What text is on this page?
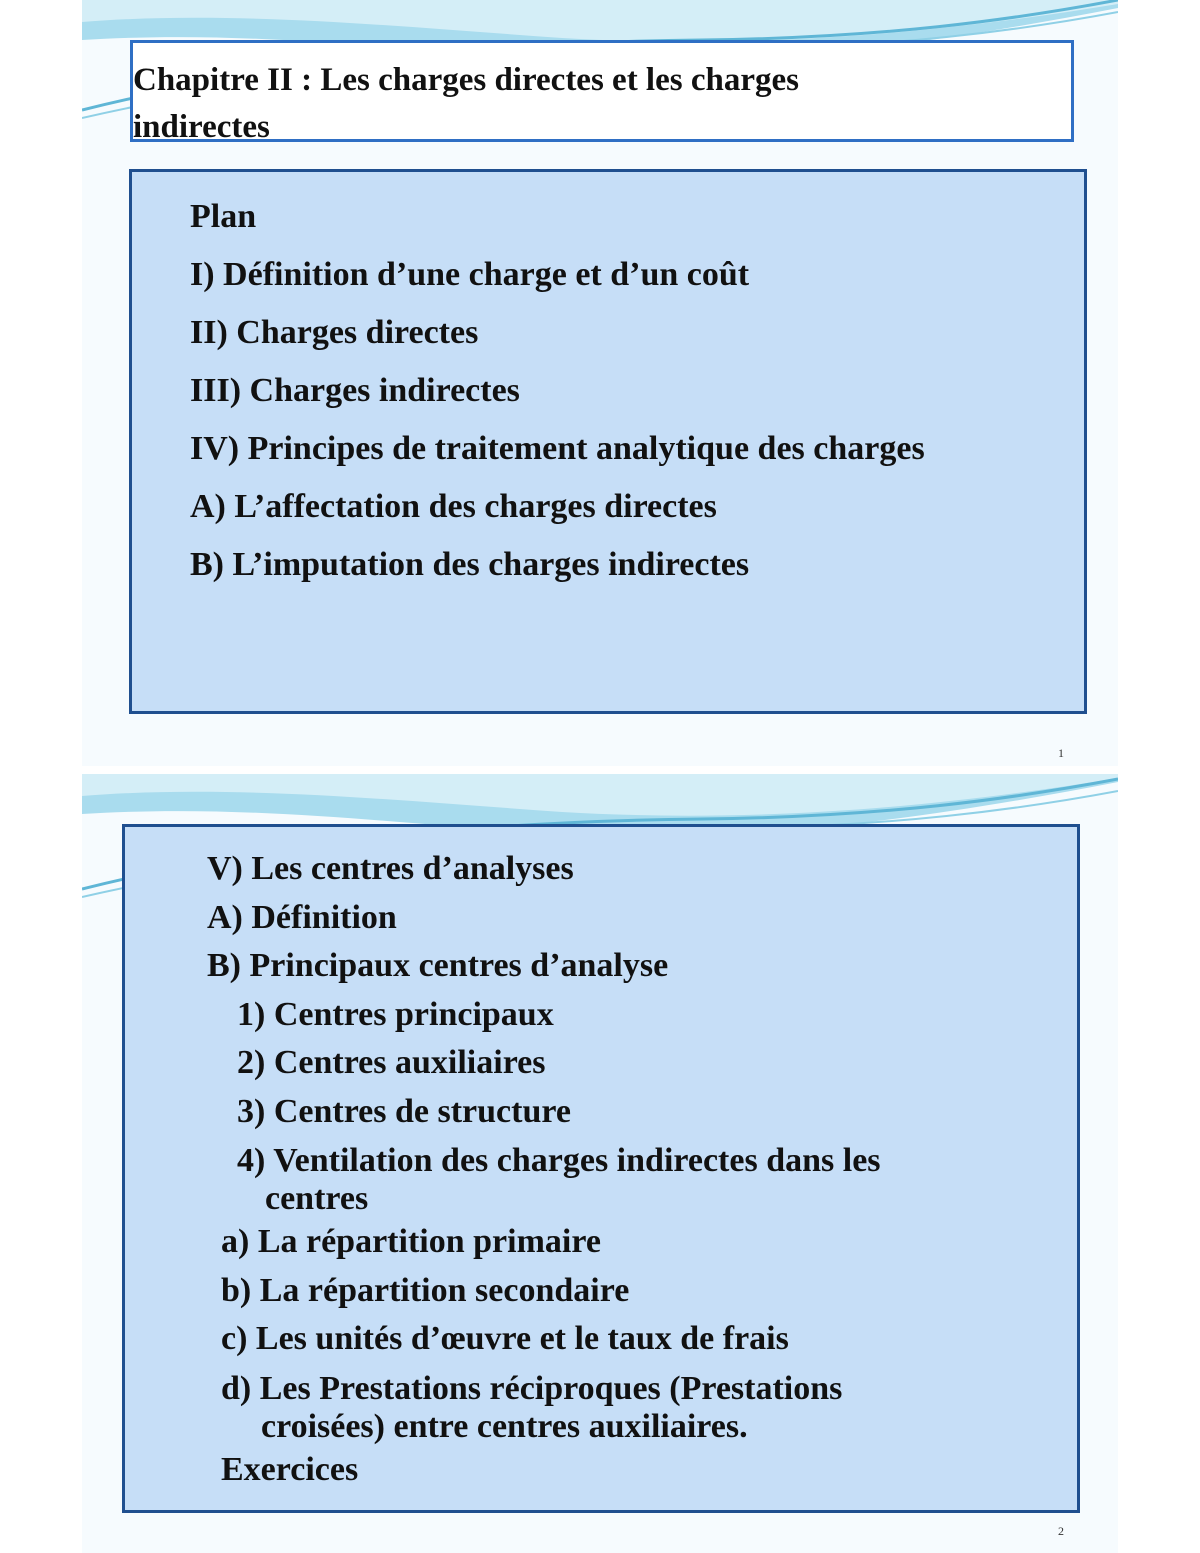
Chapitre II : Les charges directes et les charges
indirectes
Plan
I) Définition d’une charge et d’un coût
II) Charges directes
III) Charges indirectes
IV) Principes de traitement analytique des charges
A) L’affectation des charges directes
B) L’imputation des charges indirectes
1
V) Les centres d’analyses
A) Définition
B) Principaux centres d’analyse
1) Centres principaux
2) Centres auxiliaires
3) Centres de structure
4) Ventilation des charges indirectes dans les
centres
a) La répartition primaire
b) La répartition secondaire
c) Les unités d’œuvre et le taux de frais
d) Les Prestations réciproques (Prestations
croisées) entre centres auxiliaires.
Exercices
2
